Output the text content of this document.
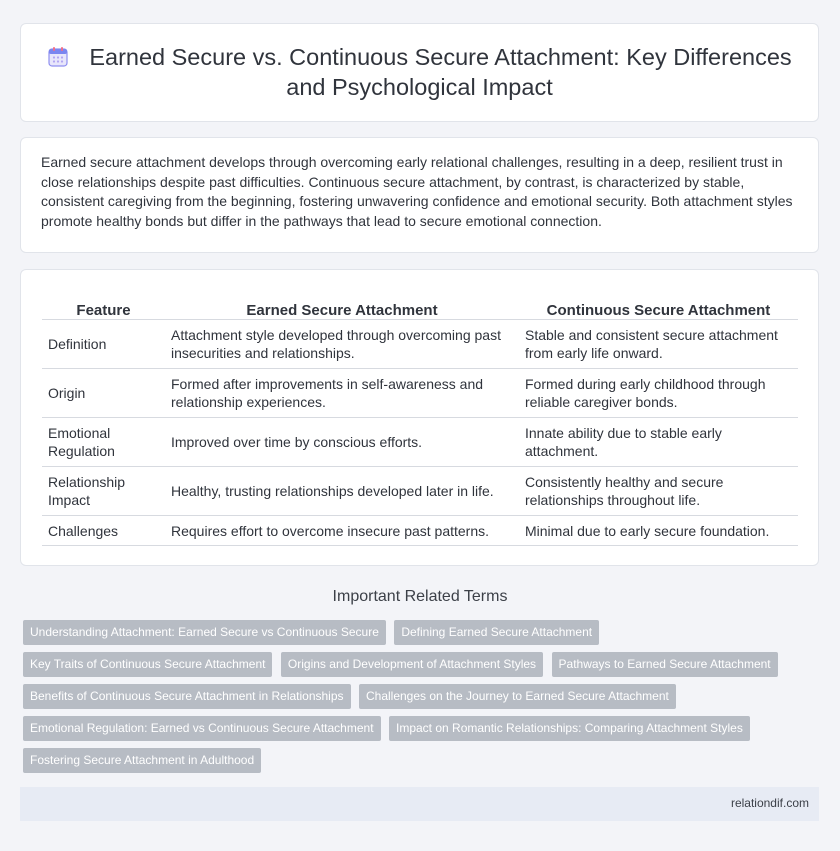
Earned Secure vs. Continuous Secure Attachment: Key Differences and Psychological Impact

Earned secure attachment develops through overcoming early relational challenges, resulting in a deep, resilient trust in close relationships despite past difficulties. Continuous secure attachment, by contrast, is characterized by stable, consistent caregiving from the beginning, fostering unwavering confidence and emotional security. Both attachment styles promote healthy bonds but differ in the pathways that lead to secure emotional connection.

Feature	Earned Secure Attachment	Continuous Secure Attachment
Definition	Attachment style developed through overcoming past insecurities and relationships.	Stable and consistent secure attachment from early life onward.
Origin	Formed after improvements in self-awareness and relationship experiences.	Formed during early childhood through reliable caregiver bonds.
Emotional Regulation	Improved over time by conscious efforts.	Innate ability due to stable early attachment.
Relationship Impact	Healthy, trusting relationships developed later in life.	Consistently healthy and secure relationships throughout life.
Challenges	Requires effort to overcome insecure past patterns.	Minimal due to early secure foundation.
Important Related Terms
Understanding Attachment: Earned Secure vs Continuous Secure Defining Earned Secure Attachment Key Traits of Continuous Secure Attachment Origins and Development of Attachment Styles Pathways to Earned Secure Attachment Benefits of Continuous Secure Attachment in Relationships Challenges on the Journey to Earned Secure Attachment Emotional Regulation: Earned vs Continuous Secure Attachment Impact on Romantic Relationships: Comparing Attachment Styles Fostering Secure Attachment in Adulthood
relationdif.com
